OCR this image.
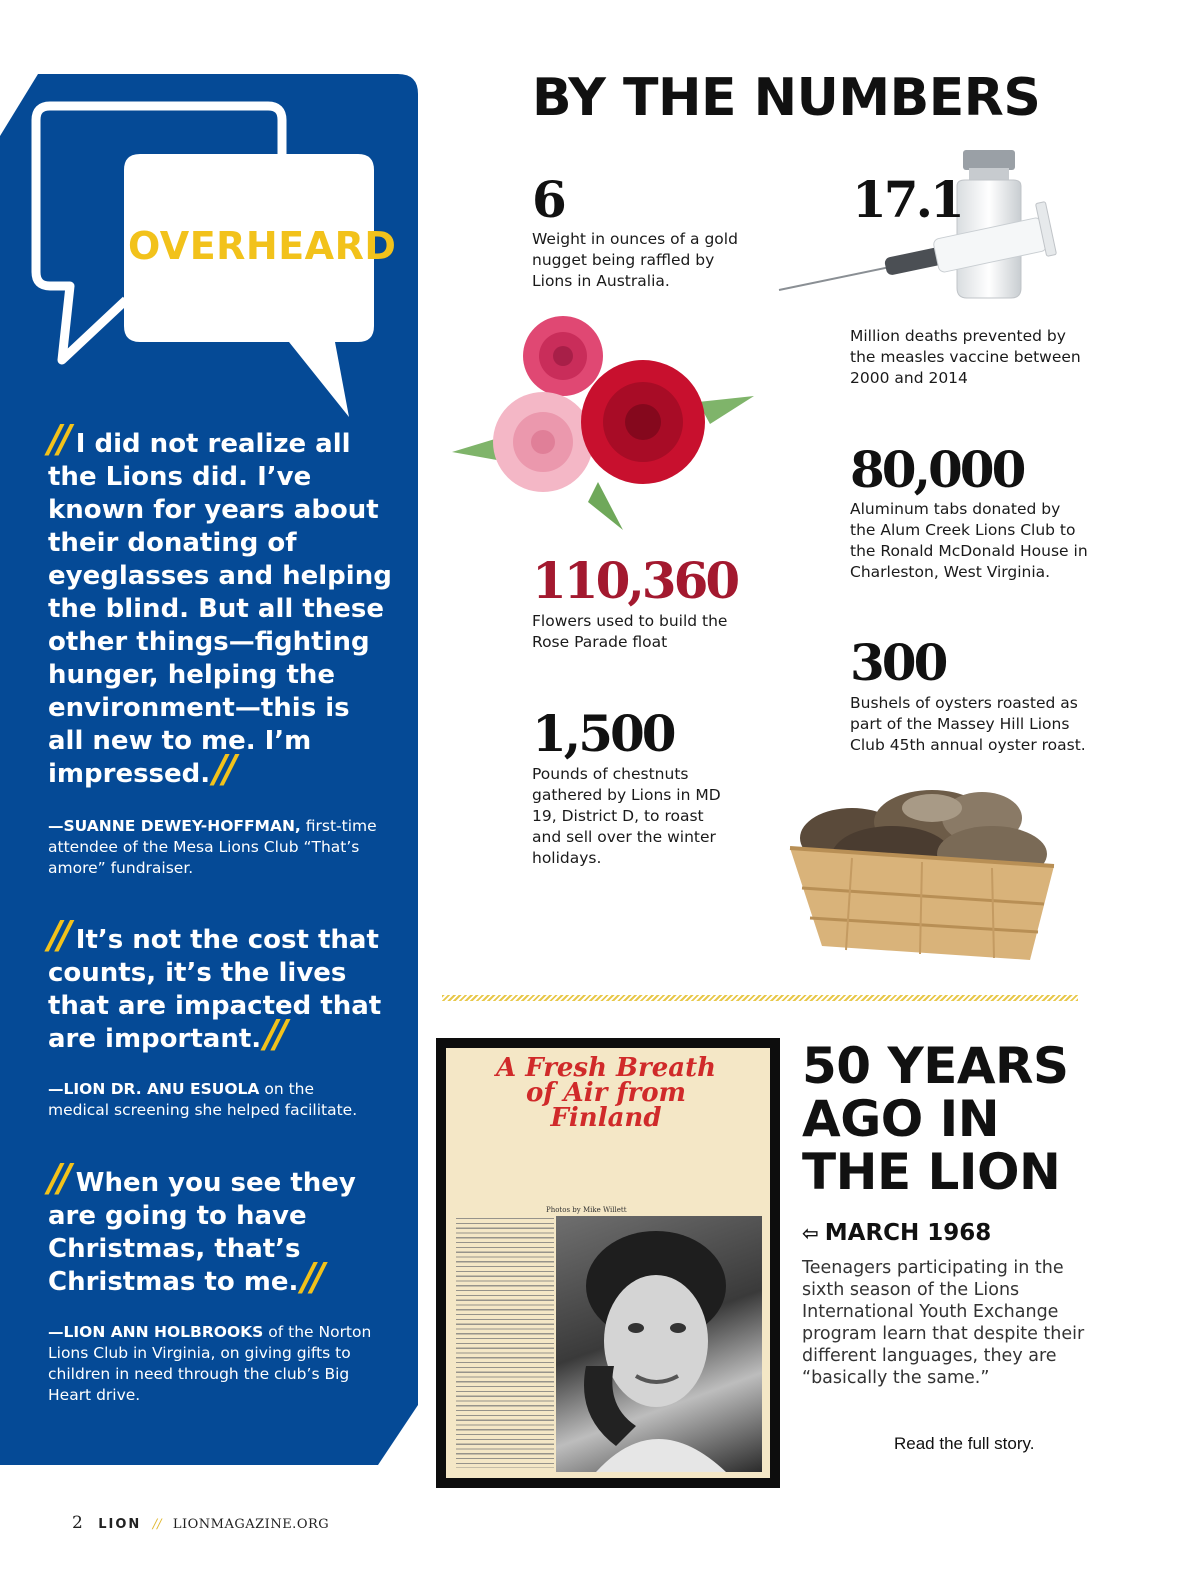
OVERHEARD
// I did not realize all the Lions did. I’ve known for years about their donating of eyeglasses and helping the blind. But all these other things—fighting hunger, helping the environment—this is all new to me. I’m impressed.//
—SUANNE DEWEY-HOFFMAN, first-time attendee of the Mesa Lions Club “That’s amore” fundraiser.
// It’s not the cost that counts, it’s the lives that are impacted that are important.//
—LION DR. ANU ESUOLA on the medical screening she helped facilitate.
// When you see they are going to have Christmas, that’s Christmas to me.//
—LION ANN HOLBROOKS of the Norton Lions Club in Virginia, on giving gifts to children in need through the club’s Big Heart drive.
BY THE NUMBERS
6
Weight in ounces of a gold nugget being raffled by Lions in Australia.
17.1
Million deaths prevented by the measles vaccine between 2000 and 2014
80,000
Aluminum tabs donated by the Alum Creek Lions Club to the Ronald McDonald House in Charleston, West Virginia.
110,360
Flowers used to build the Rose Parade float	300
Bushels of oysters roasted as part of the Massey Hill Lions Club 45th annual oyster roast.
1,500
Pounds of chestnuts gathered by Lions in MD 19, District D, to roast and sell over the winter holidays.
A Fresh Breath of Air from Finland
Photos by Mike Willett
50 YEARS AGO IN THE LION
⇦ MARCH 1968
Teenagers participating in the sixth season of the Lions International Youth Exchange program learn that despite their different languages, they are “basically the same.”
Read the full story.
2 LION // LIONMAGAZINE.ORG
